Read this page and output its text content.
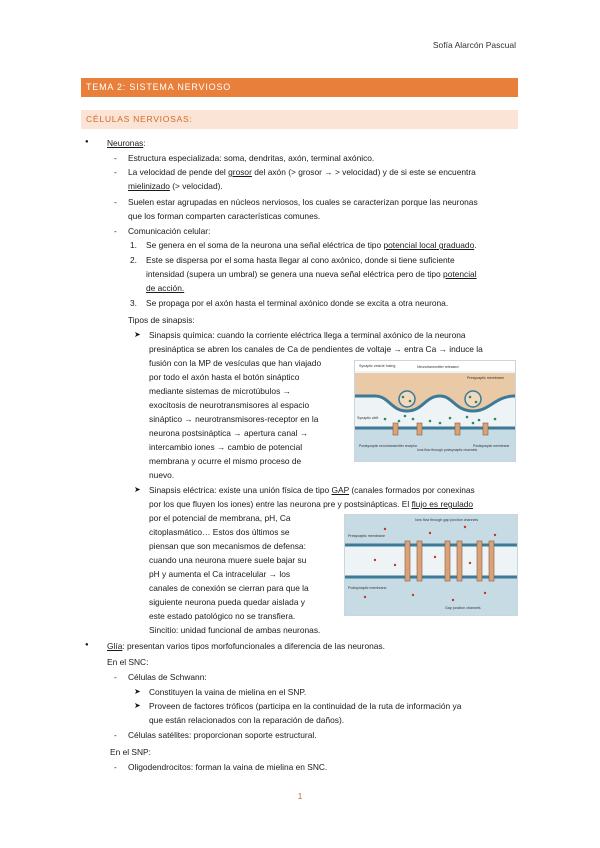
Sofía Alarcón Pascual
TEMA 2: SISTEMA NERVIOSO
CÉLULAS NERVIOSAS:
● Neuronas:
- Estructura especializada: soma, dendritas, axón, terminal axónico.
- La velocidad de pende del grosor del axón (> grosor → > velocidad) y de si este se encuentra
mielinizado (> velocidad).
- Suelen estar agrupadas en núcleos nerviosos, los cuales se caracterizan porque las neuronas
que los forman comparten características comunes.
- Comunicación celular:
1. Se genera en el soma de la neurona una señal eléctrica de tipo potencial local graduado.
2. Este se dispersa por el soma hasta llegar al cono axónico, donde si tiene suficiente
intensidad (supera un umbral) se genera una nueva señal eléctrica pero de tipo potencial
de acción.
3. Se propaga por el axón hasta el terminal axónico donde se excita a otra neurona.
Tipos de sinapsis:
➤ Sinapsis química: cuando la corriente eléctrica llega a terminal axónico de la neurona
presináptica se abren los canales de Ca de pendientes de voltaje → entra Ca → induce la
fusión con la MP de vesículas que han viajado
por todo el axón hasta el botón sináptico
mediante sistemas de microtúbulos →
exocitosis de neurotransmisores al espacio
sináptico → neurotransmisores-receptor en la
neurona postsináptica → apertura canal →
intercambio iones → cambio de potencial
membrana y ocurre el mismo proceso de
nuevo.
Synaptic vesicle fusing	Neurotransmitter released
Presynaptic membrane
Synaptic cleft
Postsynaptic neurotransmitter receptor
Ions flow through postsynaptic channels
Postsynaptic membrane
➤ Sinapsis eléctrica: existe una unión física de tipo GAP (canales formados por conexinas
por los que fluyen los iones) entre las neurona pre y postsinápticas. El flujo es regulado
por el potencial de membrana, pH, Ca
citoplasmático… Estos dos últimos se
piensan que son mecanismos de defensa:
cuando una neurona muere suele bajar su
pH y aumenta el Ca intracelular → los
canales de conexión se cierran para que la
siguiente neurona pueda quedar aislada y
este estado patológico no se transfiera.
Sincitio: unidad funcional de ambas neuronas.
Ions flow through gap junction channels
Presynaptic membrane
Postsynaptic membrane
Gap junction channels
● Glía: presentan varios tipos morfofuncionales a diferencia de las neuronas.
En el SNC:
- Células de Schwann:
➤ Constituyen la vaina de mielina en el SNP.
➤ Proveen de factores tróficos (participa en la continuidad de la ruta de información ya
que están relacionados con la reparación de daños).
- Células satélites: proporcionan soporte estructural.
En el SNP:
- Oligodendrocitos: forman la vaina de mielina en SNC.
1
